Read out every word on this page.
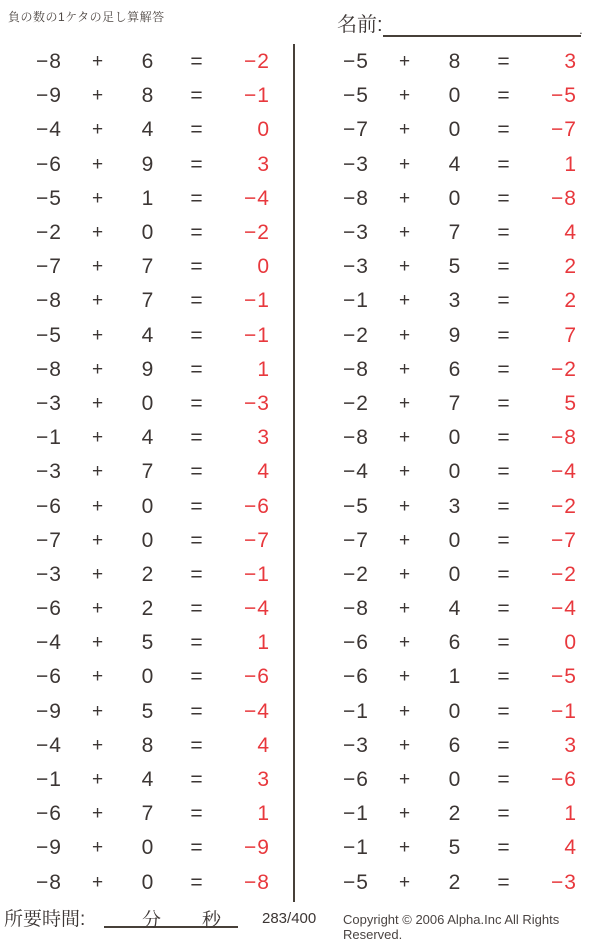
負の数の1ケタの足し算解答	名前:	.
−8	+	6	=	−2
−9	+	8	=	−1
−4	+	4	=	0
−6	+	9	=	3
−5	+	1	=	−4
−2	+	0	=	−2
−7	+	7	=	0
−8	+	7	=	−1
−5	+	4	=	−1
−8	+	9	=	1
−3	+	0	=	−3
−1	+	4	=	3
−3	+	7	=	4
−6	+	0	=	−6
−7	+	0	=	−7
−3	+	2	=	−1
−6	+	2	=	−4
−4	+	5	=	1
−6	+	0	=	−6
−9	+	5	=	−4
−4	+	8	=	4
−1	+	4	=	3
−6	+	7	=	1
−9	+	0	=	−9
−8	+	0	=	−8
−5	+	8	=	3
−5	+	0	=	−5
−7	+	0	=	−7
−3	+	4	=	1
−8	+	0	=	−8
−3	+	7	=	4
−3	+	5	=	2
−1	+	3	=	2
−2	+	9	=	7
−8	+	6	=	−2
−2	+	7	=	5
−8	+	0	=	−8
−4	+	0	=	−4
−5	+	3	=	−2
−7	+	0	=	−7
−2	+	0	=	−2
−8	+	4	=	−4
−6	+	6	=	0
−6	+	1	=	−5
−1	+	0	=	−1
−3	+	6	=	3
−6	+	0	=	−6
−1	+	2	=	1
−1	+	5	=	4
−5	+	2	=	−3
所要時間:	分 秒	283/400 Copyright © 2006 Alpha.Inc All Rights Reserved.
